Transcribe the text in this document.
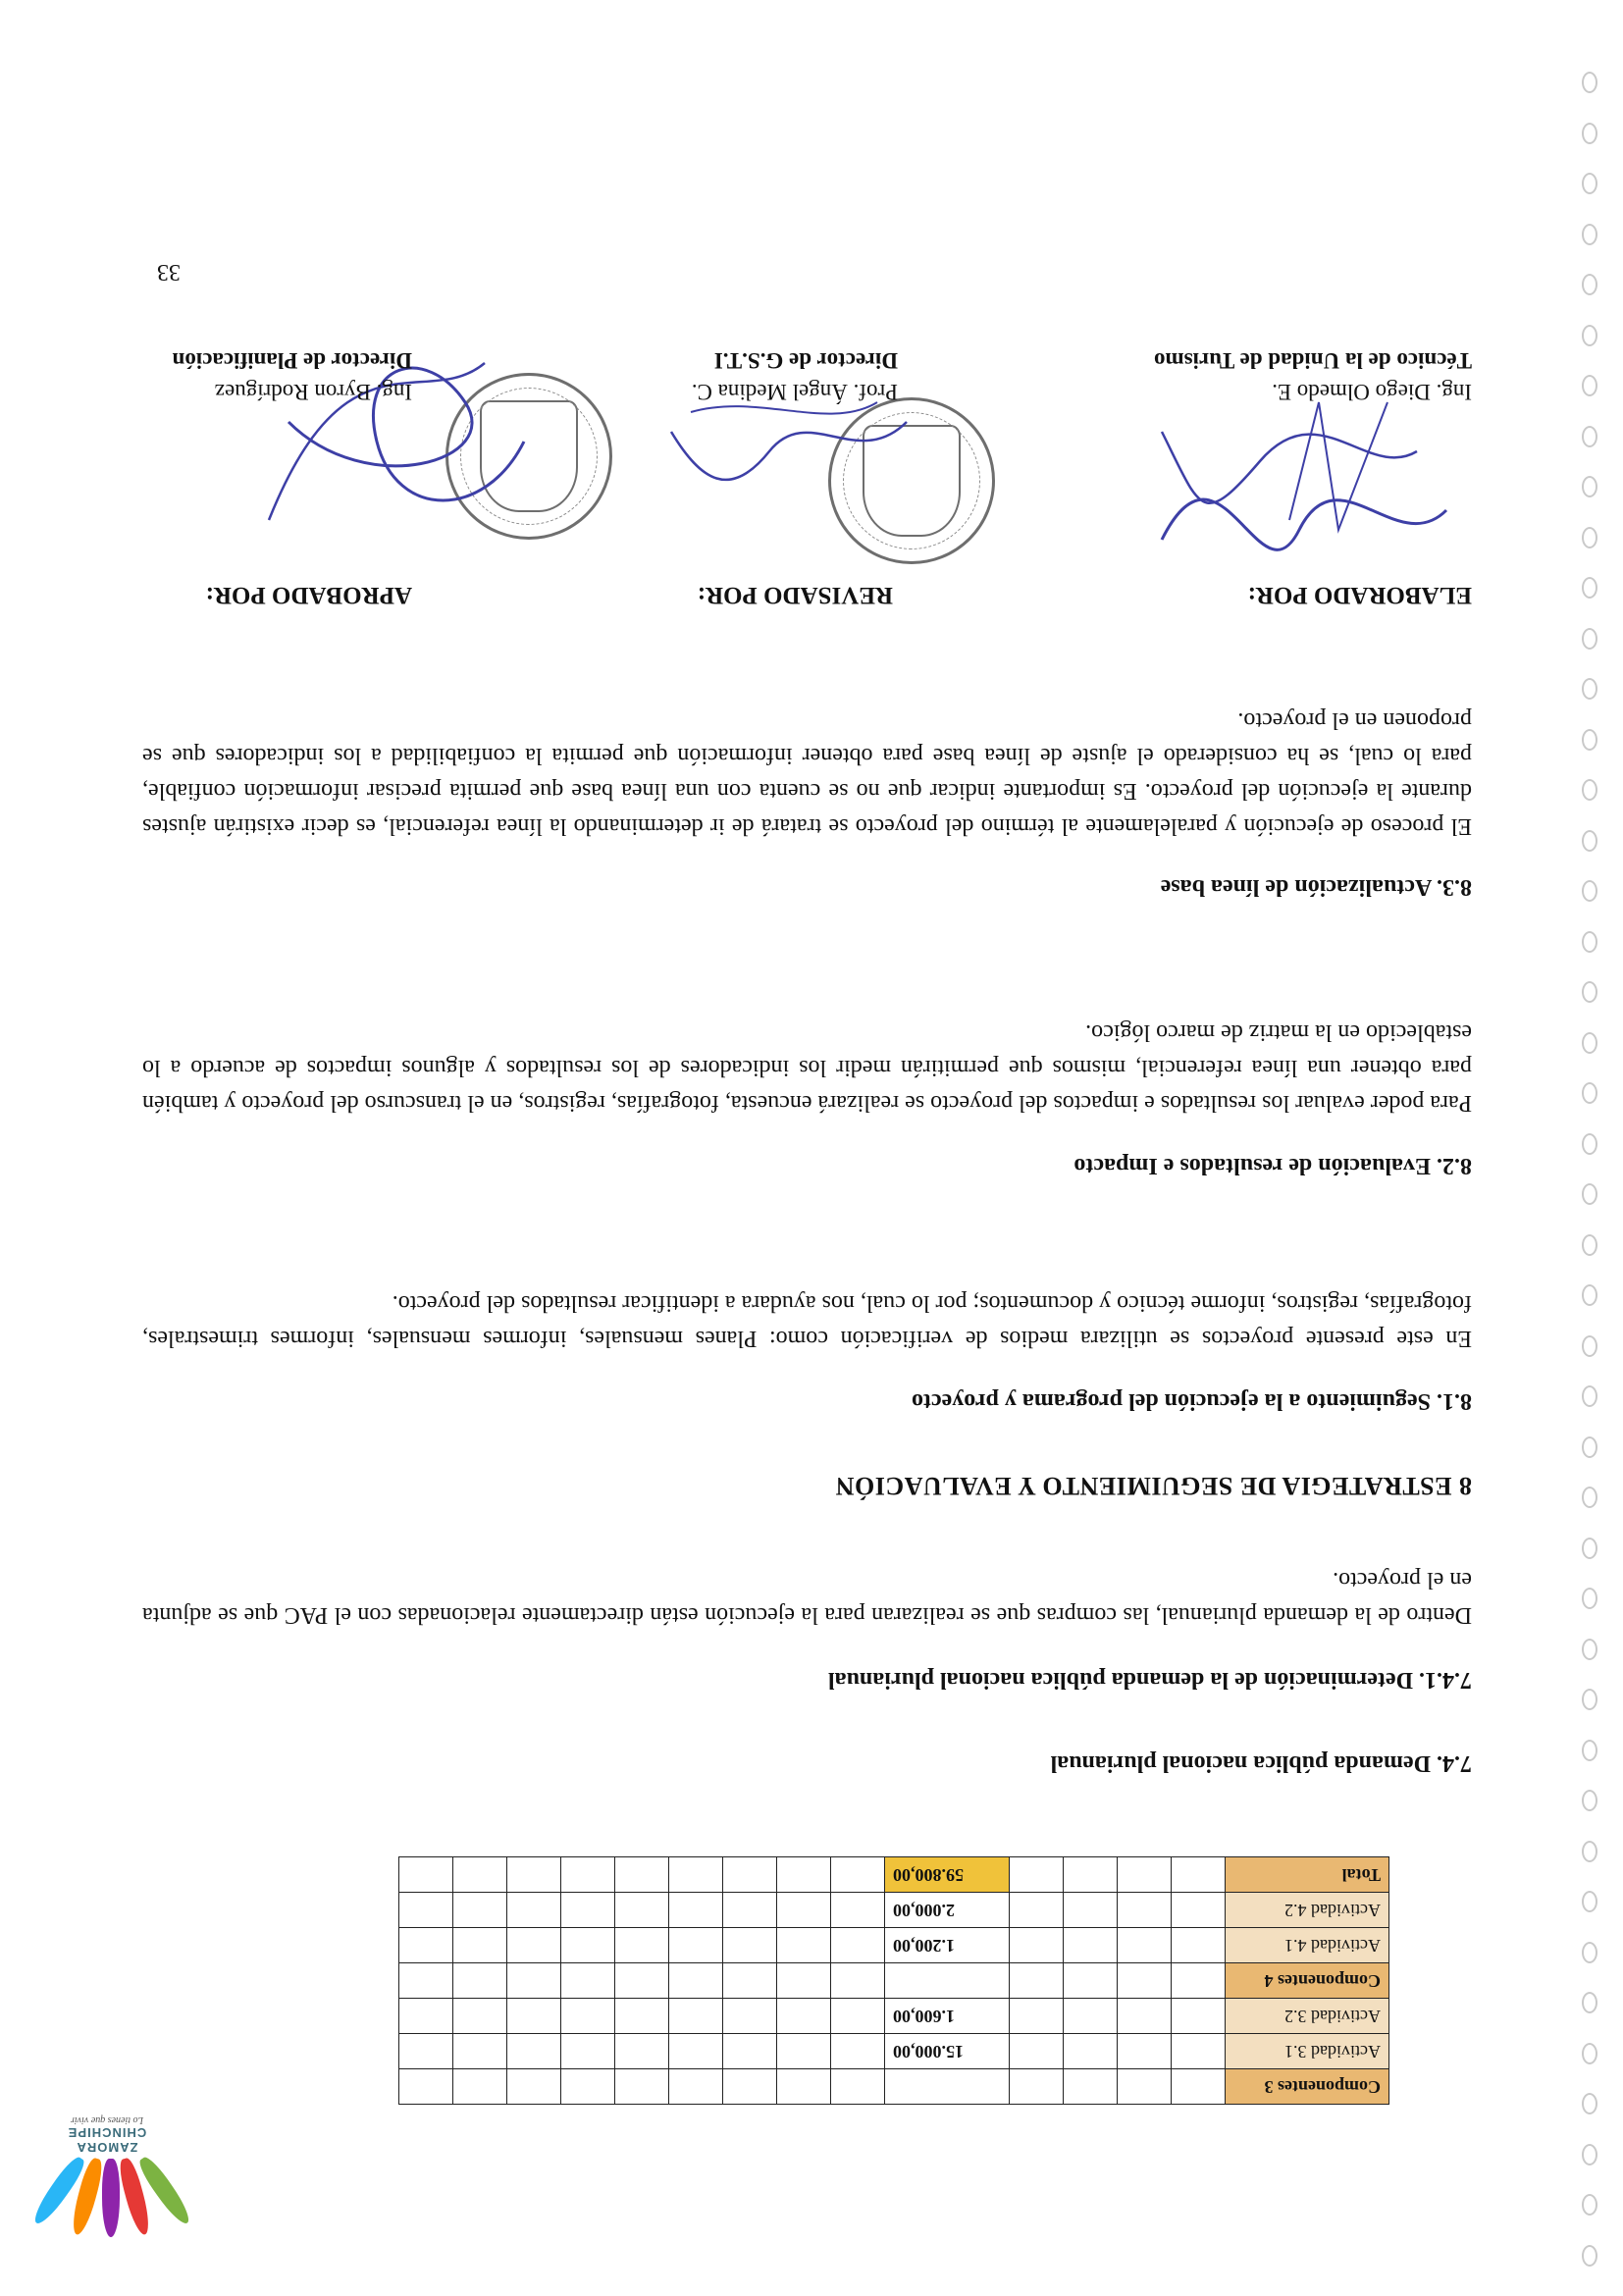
ZAMORA CHINCHIPE
Lo tienes que vivir
Componentes 3														
Actividad 3.1					15.000,00									
Actividad 3.2					1.600,00									
Componentes 4														
Actividad 4.1					1.200,00									
Actividad 4.2					2.000,00									
Total					59.800,00									
7.4. Demanda pública nacional plurianual
7.4.1. Determinación de la demanda pública nacional plurianual
Dentro de la demanda plurianual, las compras que se realizaran para la ejecución están directamente relacionadas con el PAC que se adjunta en el proyecto.
8 ESTRATEGIA DE SEGUIMIENTO Y EVALUACIÓN
8.1. Seguimiento a la ejecución del programa y proyecto
En este presente proyectos se utilizara medios de verificación como: Planes mensuales, informes mensuales, informes trimestrales, fotografías, registros, informe técnico y documentos; por lo cual, nos ayudara a identificar resultados del proyecto.
8.2. Evaluación de resultados e Impacto
Para poder evaluar los resultados e impactos del proyecto se realizará encuesta, fotografías, registros, en el transcurso del proyecto y también para obtener una línea referencial, mismos que permitirán medir los indicadores de los resultados y algunos impactos de acuerdo a lo establecido en la matriz de marco lógico.
8.3. Actualización de línea base
El proceso de ejecución y paralelamente al término del proyecto se tratará de ir determinando la línea referencial, es decir existirán ajustes durante la ejecución del proyecto. Es importante indicar que no se cuenta con una línea base que permita precisar información confiable, para lo cual, se ha considerado el ajuste de línea base para obtener información que permita la confiabilidad a los indicadores que se proponen en el proyecto.
ELABORADO POR:
REVISADO POR:
APROBADO POR:
Ing. Diego Olmedo E.
Técnico de la Unidad de Turismo
Prof. Ángel Medina C.
Director de G.S.T.I
Ing. Byron Rodríguez
Director de Planificación
33
